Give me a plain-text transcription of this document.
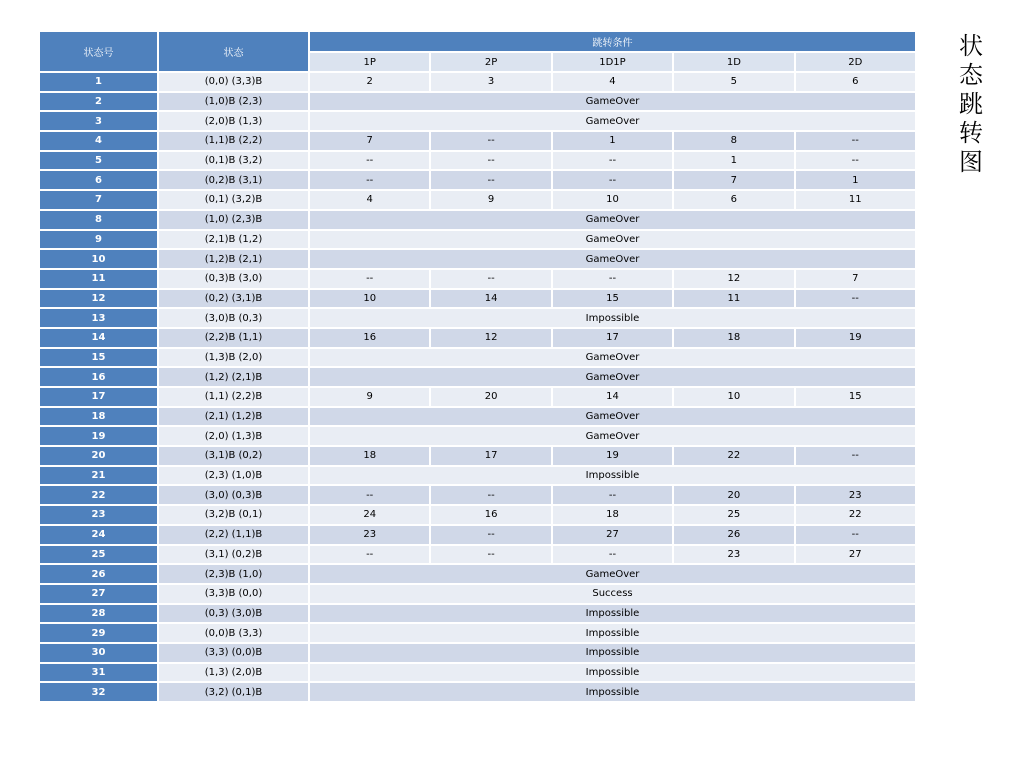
状态号	状态	跳转条件				
		1P	2P	1D1P	1D	2D
1	(0,0) (3,3)B	2	3	4	5	6
2	(1,0)B (2,3)	GameOver				
3	(2,0)B (1,3)	GameOver				
4	(1,1)B (2,2)	7	--	1	8	--
5	(0,1)B (3,2)	--	--	--	1	--
6	(0,2)B (3,1)	--	--	--	7	1
7	(0,1) (3,2)B	4	9	10	6	11
8	(1,0) (2,3)B	GameOver				
9	(2,1)B (1,2)	GameOver				
10	(1,2)B (2,1)	GameOver				
11	(0,3)B (3,0)	--	--	--	12	7
12	(0,2) (3,1)B	10	14	15	11	--
13	(3,0)B (0,3)	Impossible				
14	(2,2)B (1,1)	16	12	17	18	19
15	(1,3)B (2,0)	GameOver				
16	(1,2) (2,1)B	GameOver				
17	(1,1) (2,2)B	9	20	14	10	15
18	(2,1) (1,2)B	GameOver				
19	(2,0) (1,3)B	GameOver				
20	(3,1)B (0,2)	18	17	19	22	--
21	(2,3) (1,0)B	Impossible				
22	(3,0) (0,3)B	--	--	--	20	23
23	(3,2)B (0,1)	24	16	18	25	22
24	(2,2) (1,1)B	23	--	27	26	--
25	(3,1) (0,2)B	--	--	--	23	27
26	(2,3)B (1,0)	GameOver				
27	(3,3)B (0,0)	Success				
28	(0,3) (3,0)B	Impossible				
29	(0,0)B (3,3)	Impossible				
30	(3,3) (0,0)B	Impossible				
31	(1,3) (2,0)B	Impossible				
32	(3,2) (0,1)B	Impossible				
状
态
跳
转
图
